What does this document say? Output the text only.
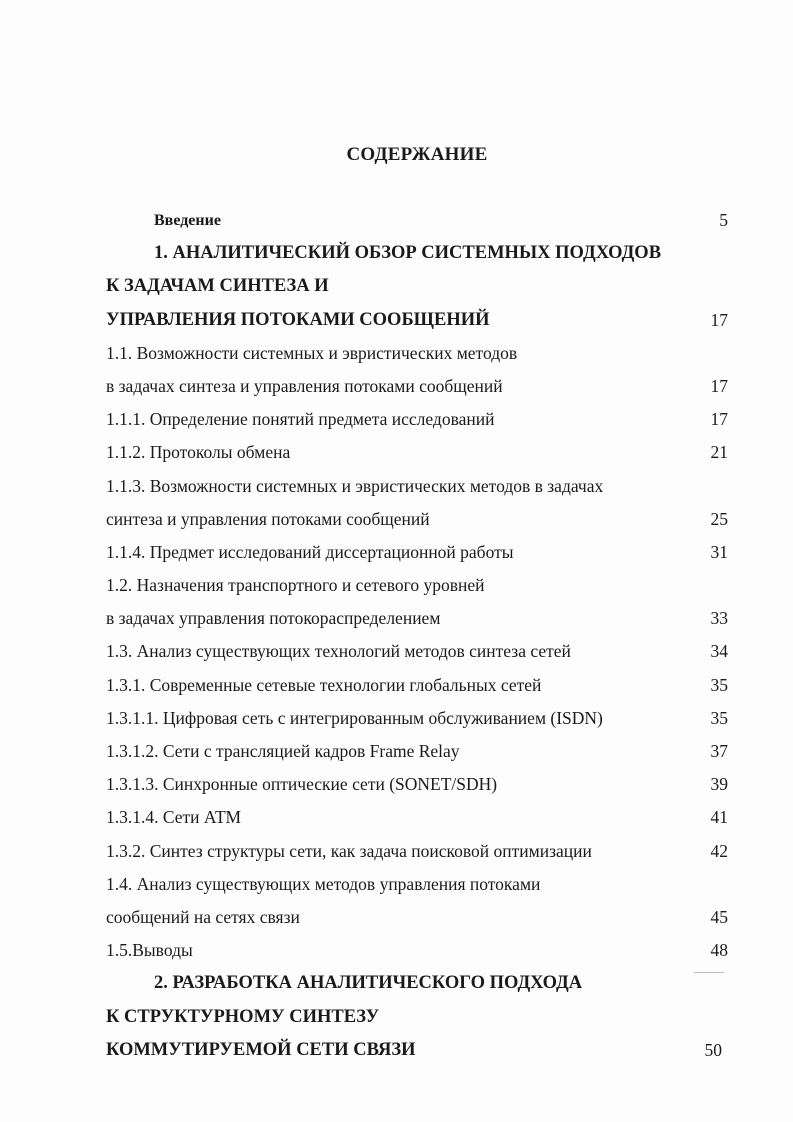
СОДЕРЖАНИЕ
Введение	5
1. АНАЛИТИЧЕСКИЙ ОБЗОР СИСТЕМНЫХ ПОДХОДОВ
К ЗАДАЧАМ СИНТЕЗА И
УПРАВЛЕНИЯ ПОТОКАМИ СООБЩЕНИЙ	17
1.1. Возможности системных и эвристических методов
в задачах синтеза и управления потоками сообщений	17
1.1.1. Определение понятий предмета исследований	17
1.1.2. Протоколы обмена	21
1.1.3. Возможности системных и эвристических методов в задачах
синтеза и управления потоками сообщений	25
1.1.4. Предмет исследований диссертационной работы	31
1.2. Назначения транспортного и сетевого уровней
в задачах управления потокораспределением	33
1.3. Анализ существующих технологий методов синтеза сетей	34
1.3.1. Современные сетевые технологии глобальных сетей	35
1.3.1.1. Цифровая сеть с интегрированным обслуживанием (ISDN)	35
1.3.1.2. Сети с трансляцией кадров Frame Relay	37
1.3.1.3. Синхронные оптические сети (SONET/SDH)	39
1.3.1.4. Сети АТМ	41
1.3.2. Синтез структуры сети, как задача поисковой оптимизации	42
1.4. Анализ существующих методов управления потоками
сообщений на сетях связи	45
1.5.Выводы	48
2. РАЗРАБОТКА АНАЛИТИЧЕСКОГО ПОДХОДА
К СТРУКТУРНОМУ СИНТЕЗУ
КОММУТИРУЕМОЙ СЕТИ СВЯЗИ	50
